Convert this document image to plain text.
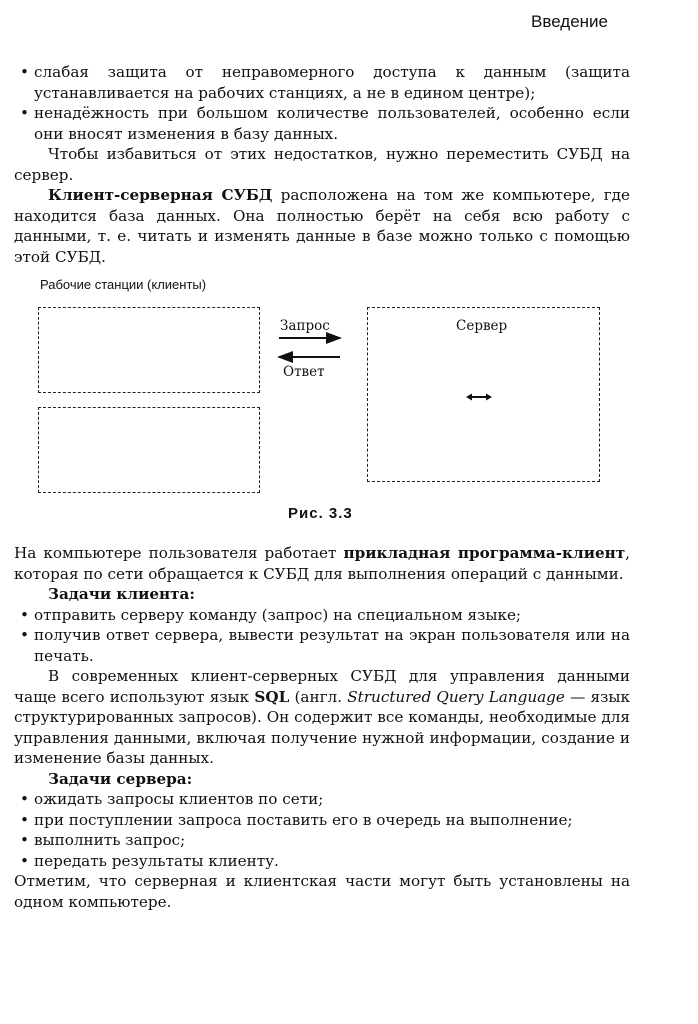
Введение

• слабая защита от неправомерного доступа к данным (защита устанавливается на рабочих станциях, а не в едином центре);

• ненадёжность при большом количестве пользователей, особенно если они вносят изменения в базу данных.

Чтобы избавиться от этих недостатков, нужно переместить СУБД на сервер.

Клиент-серверная СУБД расположена на том же компьютере, где находится база данных. Она полностью берёт на себя всю работу с данными, т. е. читать и изменять данные в базе можно только с помощью этой СУБД.

Рабочие станции (клиенты)
Сервер
Запрос
Ответ
Рис. 3.3

На компьютере пользователя работает прикладная программа-клиент, которая по сети обращается к СУБД для выполнения операций с данными.

Задачи клиента:

• отправить серверу команду (запрос) на специальном языке;

• получив ответ сервера, вывести результат на экран пользователя или на печать.

В современных клиент-серверных СУБД для управления данными чаще всего используют язык SQL (англ. Structured Query Language — язык структурированных запросов). Он содержит все команды, необходимые для управления данными, включая получение нужной информации, создание и изменение базы данных.

Задачи сервера:

• ожидать запросы клиентов по сети;

• при поступлении запроса поставить его в очередь на выполнение;

• выполнить запрос;

• передать результаты клиенту.

Отметим, что серверная и клиентская части могут быть установлены на одном компьютере.
